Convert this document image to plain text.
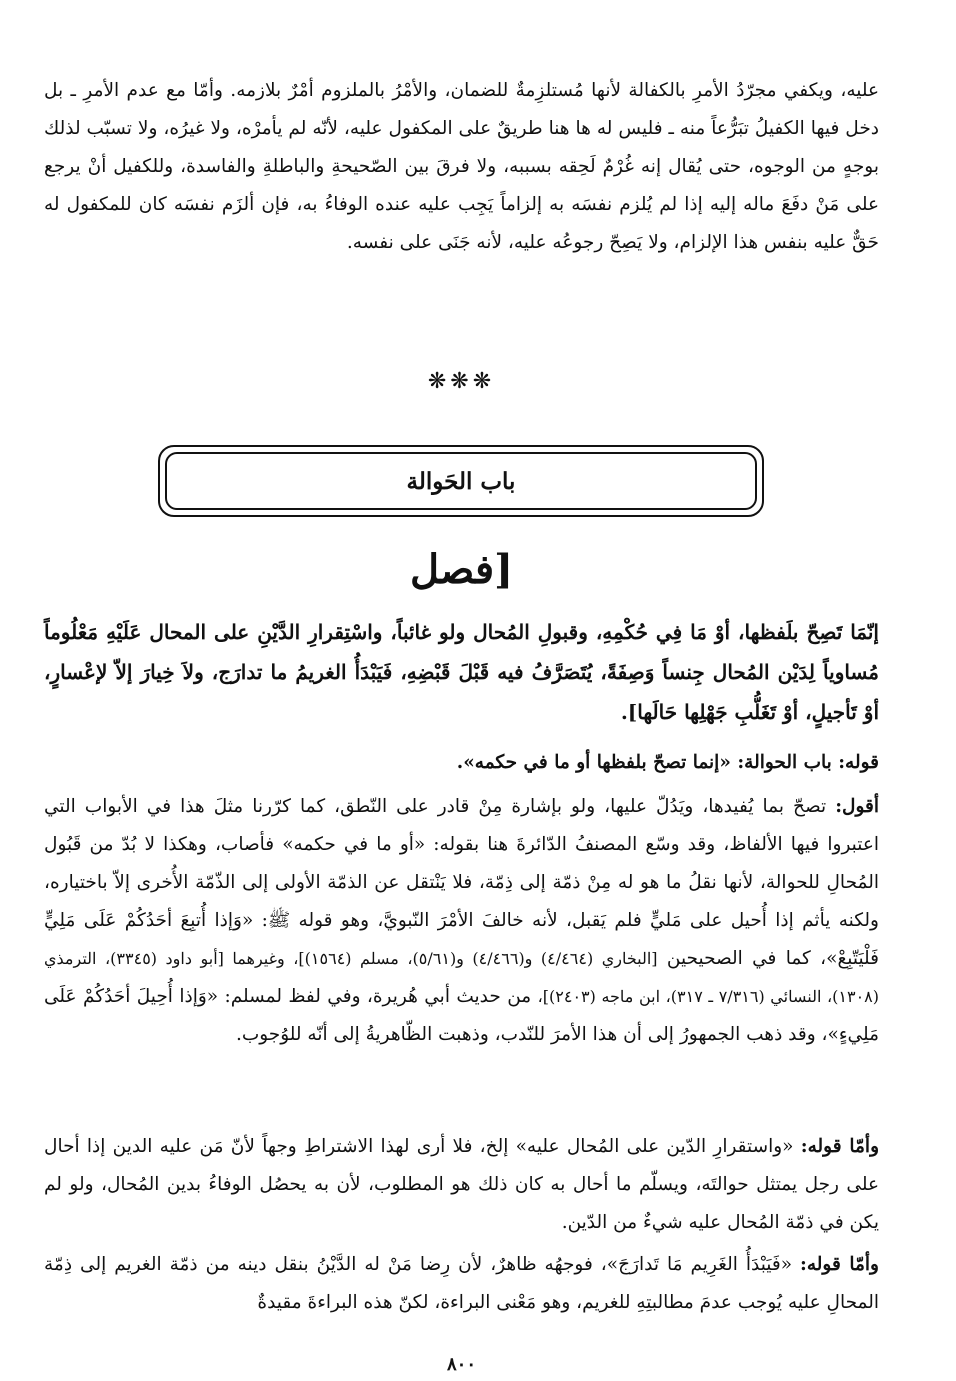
عليه، ويكفي مجرّدُ الأمرِ بالكفالة لأنها مُستلزِمةٌ للضمان، والأمْرُ بالملزوم أمْرٌ بلازمه. وأمّا مع عدم الأمرِ ـ بل دخل فيها الكفيلُ تبَرُّعاً منه ـ فليس له ها هنا طريقٌ على المكفول عليه، لأنّه لم يأمرْه، ولا غيرُه، ولا تسبّب لذلك بوجهٍ من الوجوه، حتى يُقال إنه غُرْمٌ لَحِقه بسببه، ولا فرقَ بين الصّحيحةِ والباطلةِ والفاسدة، وللكفيل أنْ يرجع على مَنْ دفَعَ ماله إليه إذا لم يُلزم نفسَه به إلزاماً يَجِب عليه عنده الوفاءُ به، فإن ألزَم نفسَه كان للمكفول له حَقٌّ عليه بنفس هذا الإلزام، ولا يَصِحّ رجوعُه عليه، لأنه جَنَى على نفسه.

❋❋❋
باب الحَوالة
[فصل

إنّمَا تَصِحّ بلَفظها، أوْ مَا فِي حُكْمِهِ، وقبولِ المُحال ولو غائباً، واسْتِقرارِ الدَّيْنِ على المحال عَلَيْهِ مَعْلُوماً مُساوياً لِدَيْن المُحال جِنساً وَصِفَةً، يُتَصَرَّفُ فيه قَبْلَ قَبْضِهِ، فَيَبْدَأُ الغريمُ ما تدارَج، ولاَ خِيارَ إلاّ لإعْسارٍ، أوْ تَأجيلٍ، أوْ تَغَلُّبِ جَهْلِها حَالَها].

قوله: باب الحوالة: «إنما تصحّ بلفظها أو ما في حكمه».

أقول: تصحّ بما يُفيدها، ويَدُلّ عليها، ولو بإشارة مِنْ قادر على النّطق، كما كرّرنا مثلَ هذا في الأبواب التي اعتبروا فيها الألفاظ، وقد وسّع المصنفُ الدّائرةَ هنا بقوله: «أو ما في حكمه» فأصاب، وهكذا لا بُدّ من قَبُول المُحالِ للحوالة، لأنها نقلُ ما هو له مِنْ ذمّة إلى ذِمّة، فلا يَنْتقل عن الذمّة الأولى إلى الذّمّة الأُخرى إلاّ باختياره، ولكنه يأثم إذا أُحيل على مَليٍّ فلم يَقبل، لأنه خالفَ الأمْرَ النّبويَّ، وهو قوله ﷺ: «وَإذا أُتبِعَ أحَدُكُمْ عَلَى مَلِيٍّ فَلْيَتّبِعْ»، كما في الصحيحين [البخاري (٤/٤٦٤) و(٤/٤٦٦) و(٥/٦١)، مسلم (١٥٦٤)]، وغيرهما [أبو داود (٣٣٤٥)، الترمذي (١٣٠٨)، النسائي (٧/٣١٦ ـ ٣١٧)، ابن ماجه (٢٤٠٣)]، من حديث أبي هُريرة، وفي لفظ لمسلم: «وَإذا أُحِيلَ أحَدُكُمْ عَلَى مَلِيءٍ»، وقد ذهب الجمهورُ إلى أن هذا الأمرَ للنّدب، وذهبت الظّاهريةُ إلى أنّه للوُجوب.

وأمّا قوله: «واستقرارِ الدّين على المُحال عليه» إلخ، فلا أرى لهذا الاشتراطِ وجهاً لأنّ مَن عليه الدين إذا أحال على رجل يمتثل حوالتَه، ويسلّم ما أحال به كان ذلك هو المطلوب، لأن به يحصُل الوفاءُ بدين المُحال، ولو لم يكن في ذمّة المُحال عليه شيءٌ من الدّين.

وأمّا قوله: «فَيَبْدَأُ الغَرِيم مَا تَدارَجَ»، فوجهُه ظاهرٌ، لأن رِضا مَنْ له الدَّيْنُ بنقل دينه من ذمّة الغريم إلى ذِمّة المحالِ عليه يُوجب عدمَ مطالبتِهِ للغريم، وهو مَعْنى البراءة، لكنّ هذه البراءةَ مقيدةٌ

٨٠٠
